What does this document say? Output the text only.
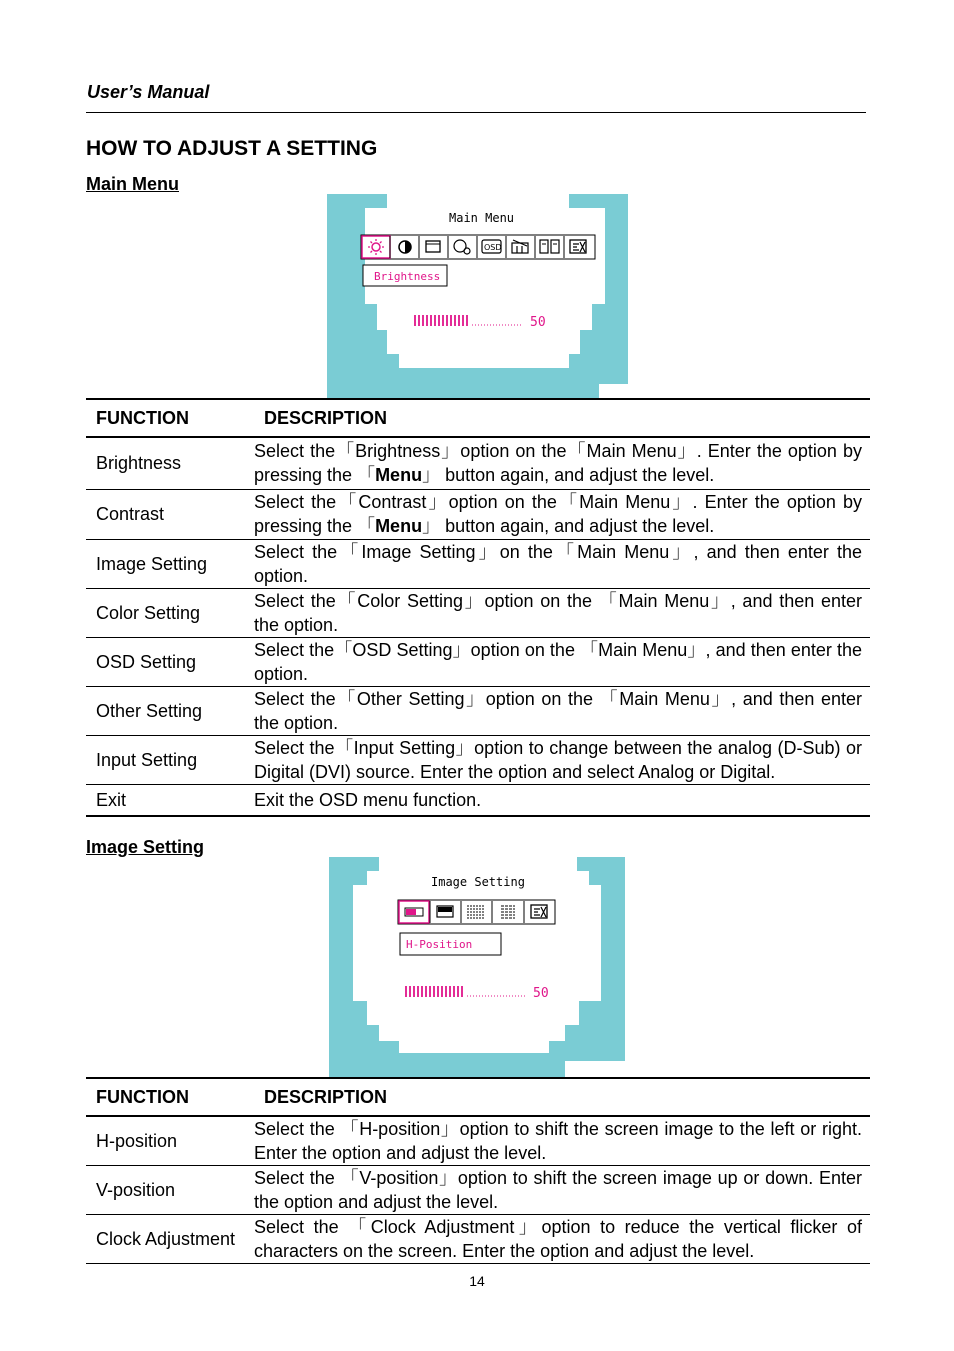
User’s Manual
HOW TO ADJUST A SETTING
Main Menu
Main Menu
OSD
Brightness
50
FUNCTION	DESCRIPTION
Brightness	Select the「Brightness」option on the「Main Menu」. Enter the option by pressing the 「Menu」 button again, and adjust the level.
Contrast	Select the「Contrast」option on the「Main Menu」. Enter the option by pressing the 「Menu」 button again, and adjust the level.
Image Setting	Select the「Image Setting」on the「Main Menu」, and then enter the option.
Color Setting	Select the「Color Setting」option on the 「Main Menu」, and then enter the option.
OSD Setting	Select the「OSD Setting」option on the 「Main Menu」, and then enter the option.
Other Setting	Select the「Other Setting」option on the 「Main Menu」, and then enter the option.
Input Setting	Select the「Input Setting」option to change between the analog (D-Sub) or Digital (DVI) source. Enter the option and select Analog or Digital.
Exit	Exit the OSD menu function.
Image Setting
Image Setting
H-Position
50
FUNCTION	DESCRIPTION
H-position	Select the 「H-position」option to shift the screen image to the left or right. Enter the option and adjust the level.
V-position	Select the 「V-position」option to shift the screen image up or down. Enter the option and adjust the level.
Clock Adjustment	Select the 「Clock Adjustment」option to reduce the vertical flicker of characters on the screen. Enter the option and adjust the level.
14
